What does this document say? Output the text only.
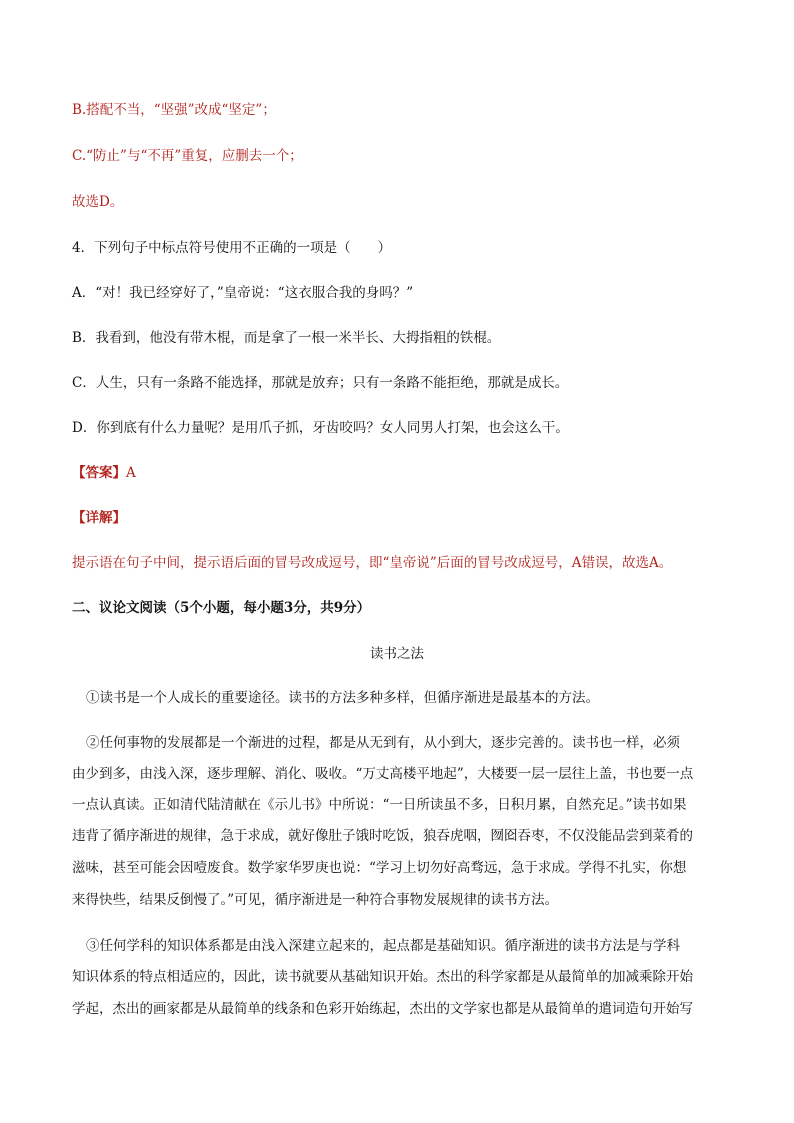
B.搭配不当，“坚强”改成“坚定”；
C.“防止”与“不再”重复，应删去一个；
故选D。
4．下列句子中标点符号使用不正确的一项是（　　）
A．“对！我已经穿好了，”皇帝说：“这衣服合我的身吗？”
B．我看到，他没有带木棍，而是拿了一根一米半长、大拇指粗的铁棍。
C．人生，只有一条路不能选择，那就是放弃；只有一条路不能拒绝，那就是成长。
D．你到底有什么力量呢？是用爪子抓，牙齿咬吗？女人同男人打架，也会这么干。
【答案】A
【详解】
提示语在句子中间，提示语后面的冒号改成逗号，即“皇帝说”后面的冒号改成逗号，A错误，故选A。
二、议论文阅读（5个小题，每小题3分，共9分）
读书之法
①读书是一个人成长的重要途径。读书的方法多种多样，但循序渐进是最基本的方法。
②任何事物的发展都是一个渐进的过程，都是从无到有，从小到大，逐步完善的。读书也一样，必须
由少到多，由浅入深，逐步理解、消化、吸收。“万丈高楼平地起”，大楼要一层一层往上盖，书也要一点
一点认真读。正如清代陆清献在《示儿书》中所说：“一日所读虽不多，日积月累，自然充足。”读书如果
违背了循序渐进的规律，急于求成，就好像肚子饿时吃饭，狼吞虎咽，囫囵吞枣，不仅没能品尝到菜肴的
滋味，甚至可能会因噎废食。数学家华罗庚也说：“学习上切勿好高骛远，急于求成。学得不扎实，你想
来得快些，结果反倒慢了。”可见，循序渐进是一种符合事物发展规律的读书方法。
③任何学科的知识体系都是由浅入深建立起来的，起点都是基础知识。循序渐进的读书方法是与学科
知识体系的特点相适应的，因此，读书就要从基础知识开始。杰出的科学家都是从最简单的加减乘除开始
学起，杰出的画家都是从最简单的线条和色彩开始练起，杰出的文学家也都是从最简单的遣词造句开始写
